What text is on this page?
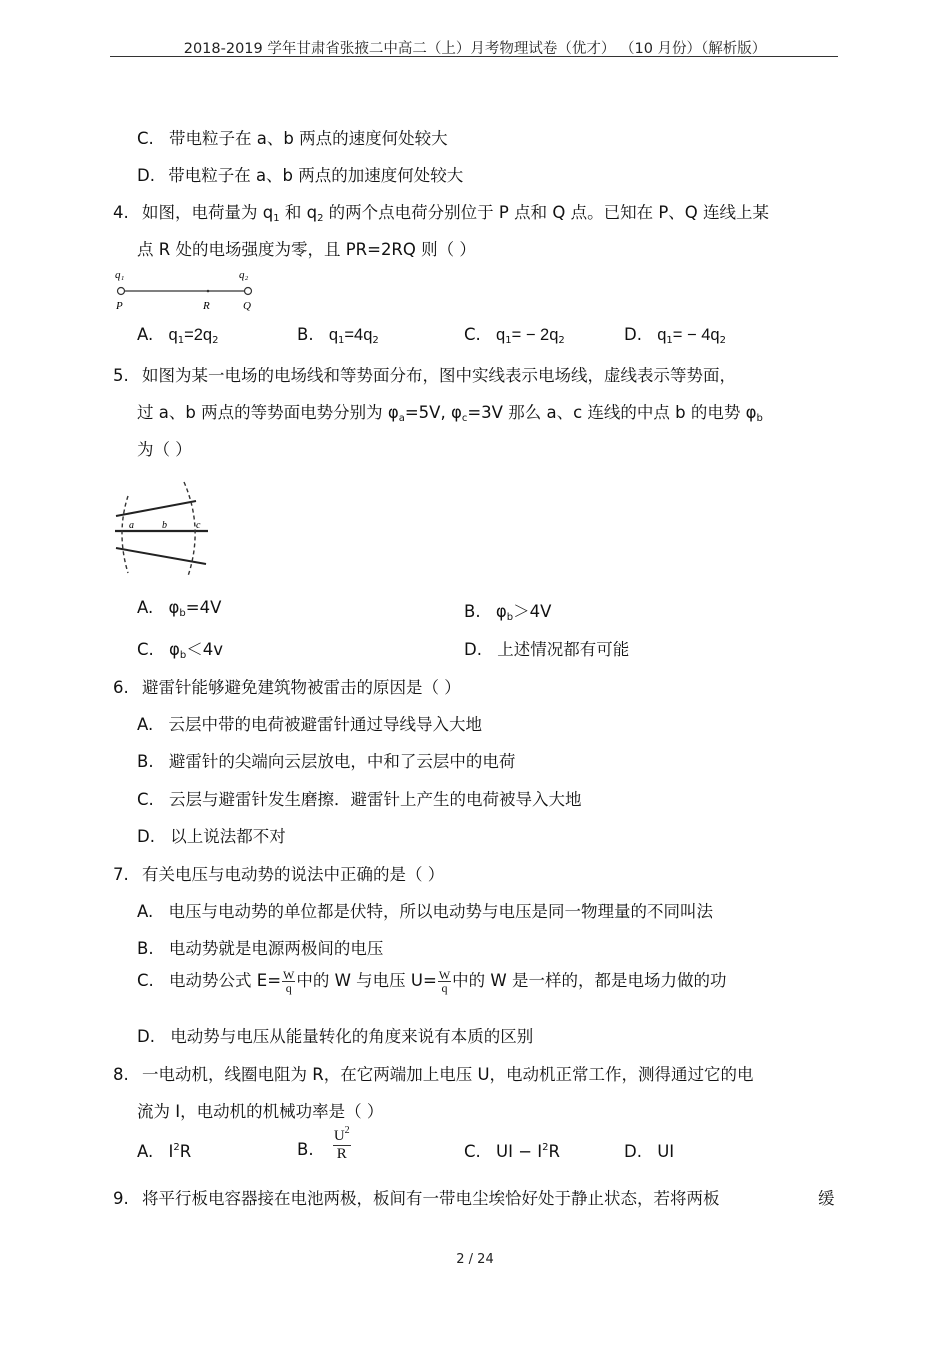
2018-2019 学年甘肃省张掖二中高二（上）月考物理试卷（优才） （10 月份）（解析版）
C. 带电粒子在 a、b 两点的速度何处较大
D. 带电粒子在 a、b 两点的加速度何处较大
4. 如图，电荷量为 $q_1$ 和 $q_2$ 的两个点电荷分别位于 P 点和 Q 点。已知在 P、Q 连线上某
点 R 处的电场强度为零，且 PR=2RQ 则（ ）
q₁	q₂
P	R	Q
A. $q_1=2q_2$	B. $q_1=4q_2$	C. $q_1= - 2q_2$	D. $q_1= - 4q_2$
5. 如图为某一电场的电场线和等势面分布，图中实线表示电场线，虚线表示等势面，
过 a、b 两点的等势面电势分别为 $\varphi_a=5V$, $\varphi_c=3V$ 那么 a、c 连线的中点 b 的电势 $\varphi_b$
为（ ）
a	b	c
A. $\varphi_b=4V$	B. $\varphi_b>4V$
C. $\varphi_b<4v$	D. 上述情况都有可能
6. 避雷针能够避免建筑物被雷击的原因是（ ）
A. 云层中带的电荷被避雷针通过导线导入大地
B. 避雷针的尖端向云层放电，中和了云层中的电荷
C. 云层与避雷针发生磨擦．避雷针上产生的电荷被导入大地
D. 以上说法都不对
7. 有关电压与电动势的说法中正确的是（ ）
A. 电压与电动势的单位都是伏特，所以电动势与电压是同一物理量的不同叫法
B. 电动势就是电源两极间的电压
C. 电动势公式 $E= \frac{W}{q}$ 中的 W 与电压 $U= \frac{W}{q}$ 中的 W 是一样的，都是电场力做的功
D. 电动势与电压从能量转化的角度来说有本质的区别
8. 一电动机，线圈电阻为 R，在它两端加上电压 U，电动机正常工作，测得通过它的电
流为 I，电动机的机械功率是（ ）
A. $I^2R$	B. $\frac{U^2}{R}$	C. UI − $I^2R$	D. UI
9. 将平行板电容器接在电池两极，板间有一带电尘埃恰好处于静止状态，若将两板	缓
2 / 24
